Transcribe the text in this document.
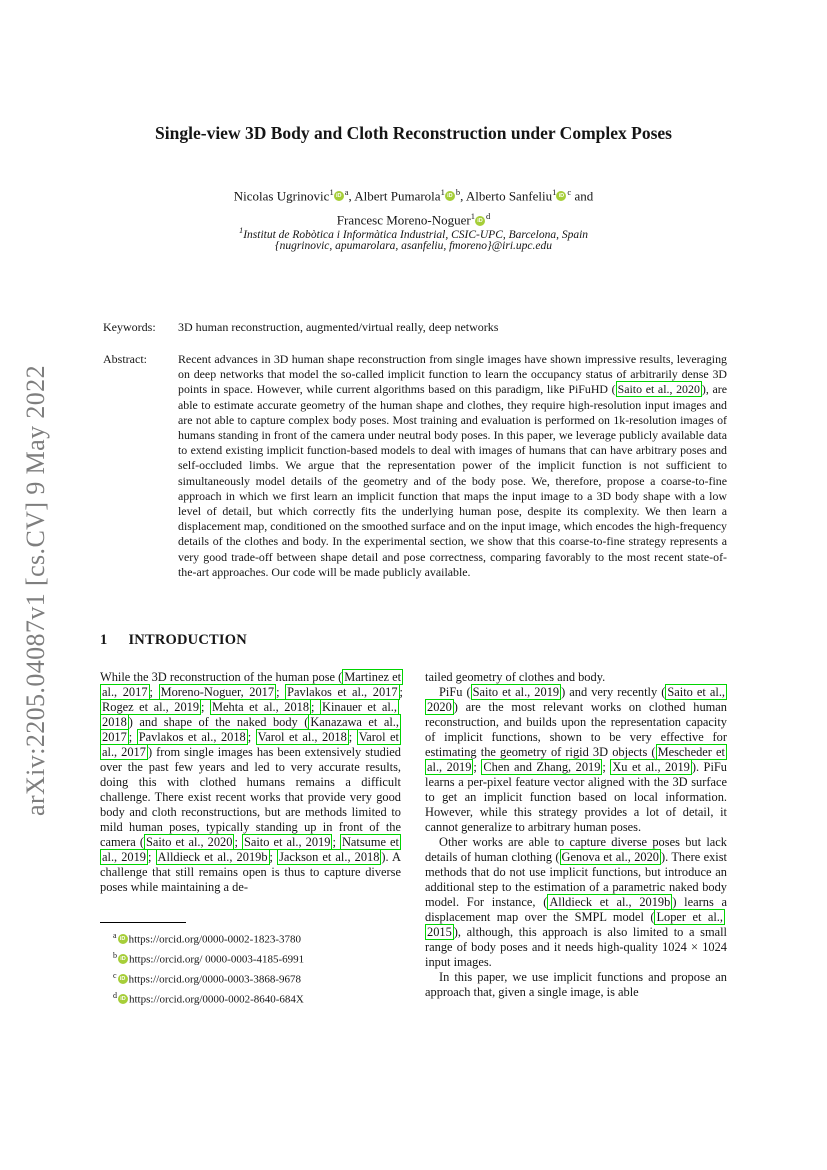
arXiv:2205.04087v1 [cs.CV] 9 May 2022
Single-view 3D Body and Cloth Reconstruction under Complex Poses
Nicolas Ugrinovic$^1$ iD $^a$, Albert Pumarola$^1$ iD $^b$, Alberto Sanfeliu$^1$ iD $^c$ and
Francesc Moreno-Noguer$^1$ iD $^d$
$^1$Institut de Robòtica i Informàtica Industrial, CSIC-UPC, Barcelona, Spain
{nugrinovic, apumarolara, asanfeliu, fmoreno}@iri.upc.edu
Keywords: 3D human reconstruction, augmented/virtual really, deep networks
Abstract:	Recent advances in 3D human shape reconstruction from single images have shown impressive results, leveraging on deep networks that model the so-called implicit function to learn the occupancy status of arbitrarily dense 3D points in space. However, while current algorithms based on this paradigm, like PiFuHD ( Saito et al., 2020 ), are able to estimate accurate geometry of the human shape and clothes, they require high-resolution input images and are not able to capture complex body poses. Most training and evaluation is performed on 1k-resolution images of humans standing in front of the camera under neutral body poses. In this paper, we leverage publicly available data to extend existing implicit function-based models to deal with images of humans that can have arbitrary poses and self-occluded limbs. We argue that the representation power of the implicit function is not sufficient to simultaneously model details of the geometry and of the body pose. We, therefore, propose a coarse-to-fine approach in which we first learn an implicit function that maps the input image to a 3D body shape with a low level of detail, but which correctly fits the underlying human pose, despite its complexity. We then learn a displacement map, conditioned on the smoothed surface and on the input image, which encodes the high-frequency details of the clothes and body. In the experimental section, we show that this coarse-to-fine strategy represents a very good trade-off between shape detail and pose correctness, comparing favorably to the most recent state-of-the-art approaches. Our code will be made publicly available.
1 INTRODUCTION

While the 3D reconstruction of the human pose ( Martinez et al., 2017 ; Moreno-Noguer, 2017 ; Pavlakos et al., 2017 ; Rogez et al., 2019 ; Mehta et al., 2018 ; Kinauer et al., 2018 ) and shape of the naked body ( Kanazawa et al., 2017 ; Pavlakos et al., 2018 ; Varol et al., 2018 ; Varol et al., 2017 ) from single images has been extensively studied over the past few years and led to very accurate results, doing this with clothed humans remains a difficult challenge. There exist recent works that provide very good body and cloth reconstructions, but are methods limited to mild human poses, typically standing up in front of the camera ( Saito et al., 2020 ; Saito et al., 2019 ; Natsume et al., 2019 ; Alldieck et al., 2019b ; Jackson et al., 2018 ). A challenge that still remains open is thus to capture diverse poses while maintaining a de-

tailed geometry of clothes and body.

PiFu ( Saito et al., 2019 ) and very recently ( Saito et al., 2020 ) are the most relevant works on clothed human reconstruction, and builds upon the representation capacity of implicit functions, shown to be very effective for estimating the geometry of rigid 3D objects ( Mescheder et al., 2019 ; Chen and Zhang, 2019 ; Xu et al., 2019 ). PiFu learns a per-pixel feature vector aligned with the 3D surface to get an implicit function based on local information. However, while this strategy provides a lot of detail, it cannot generalize to arbitrary human poses.

Other works are able to capture diverse poses but lack details of human clothing ( Genova et al., 2020 ). There exist methods that do not use implicit functions, but introduce an additional step to the estimation of a parametric naked body model. For instance, ( Alldieck et al., 2019b ) learns a displacement map over the SMPL model ( Loper et al., 2015 ), although, this approach is also limited to a small range of body poses and it needs high-quality 1024 × 1024 input images.

In this paper, we use implicit functions and propose an approach that, given a single image, is able

$^a$ iD https://orcid.org/0000-0002-1823-3780
$^b$ iD https://orcid.org/ 0000-0003-4185-6991
$^c$ iD https://orcid.org/0000-0003-3868-9678
$^d$ iD https://orcid.org/0000-0002-8640-684X
